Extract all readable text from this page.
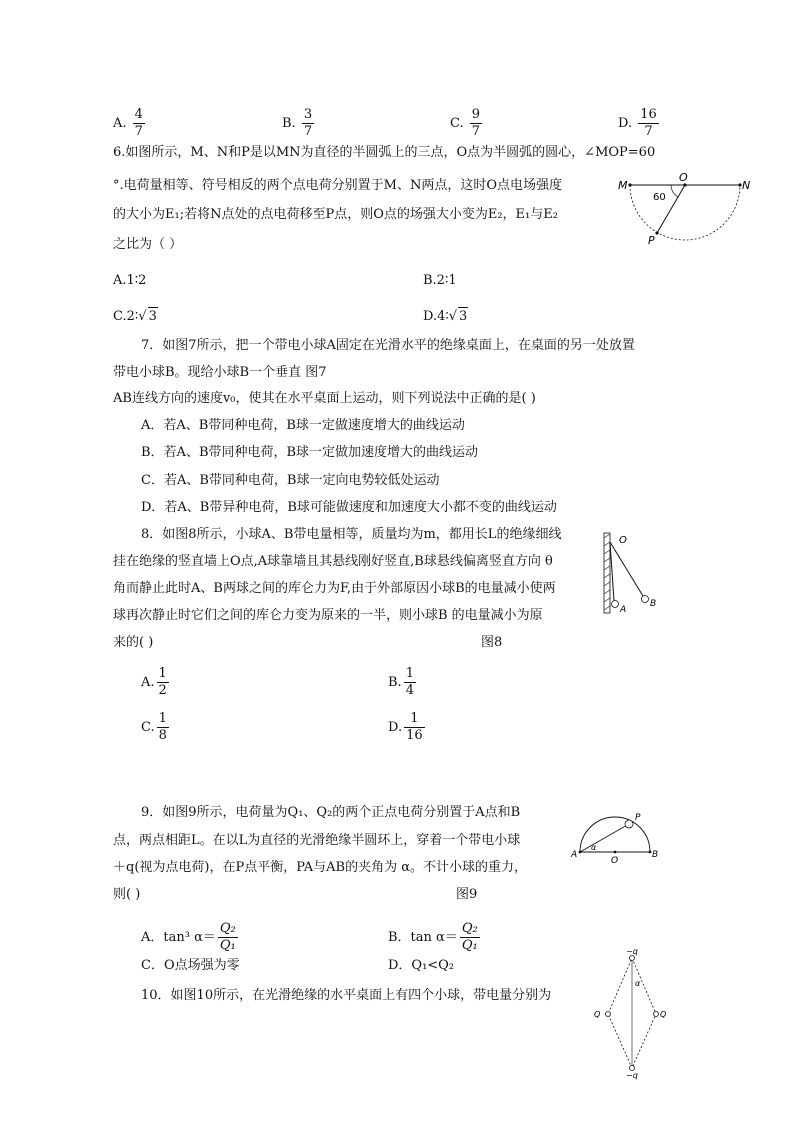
A. $\frac{4}{7}$	B. $\frac{3}{7}$	C. $\frac{9}{7}$	D. $\frac{16}{7}$
6.如图所示，M、N和P是以MN为直径的半圆弧上的三点，O点为半圆弧的圆心，∠MOP=60
°.电荷量相等、符号相反的两个点电荷分别置于M、N两点，这时O点电场强度
的大小为E₁;若将N点处的点电荷移至P点，则O点的场强大小变为E₂，E₁与E₂
之比为（ ）
A.1∶2	B.2∶1
C.2∶√ 3	D.4∶√ 3
M	N
O
P
60
7．如图7所示，把一个带电小球A固定在光滑水平的绝缘桌面上，在桌面的另一处放置
带电小球B。现给小球B一个垂直 图7
AB连线方向的速度v₀，使其在水平桌面上运动，则下列说法中正确的是( )
A．若A、B带同种电荷，B球一定做速度增大的曲线运动
B．若A、B带同种电荷，B球一定做加速度增大的曲线运动
C．若A、B带同种电荷，B球一定向电势较低处运动
D．若A、B带异种电荷，B球可能做速度和加速度大小都不变的曲线运动
8．如图8所示，小球A、B带电量相等，质量均为m，都用长L的绝缘细线
挂在绝缘的竖直墙上O点,A球靠墙且其悬线刚好竖直,B球悬线偏离竖直方向 θ
角而静止此时A、B两球之间的库仑力为F,由于外部原因小球B的电量减小使两
球再次静止时它们之间的库仑力变为原来的一半，则小球B 的电量减小为原
来的( )	图8
A. $\frac{1}{2}$	B. $\frac{1}{4}$
C. $\frac{1}{8}$	D. $\frac{1}{16}$
O
A
B
9．如图9所示，电荷量为Q₁、Q₂的两个正点电荷分别置于A点和B
点，两点相距L。在以L为直径的光滑绝缘半圆环上，穿着一个带电小球
＋q(视为点电荷)，在P点平衡，PA与AB的夹角为 α。不计小球的重力，
则( )	图9
A．tan³ $\alpha= \frac{\text{Q₂}}{\text{Q₁}}$	B．$\tan \alpha= \frac{\text{Q₂}}{\text{Q₁}}$
C．O点场强为零	D．Q₁<Q₂
A	B
O
P
α
10．如图10所示，在光滑绝缘的水平桌面上有四个小球，带电量分别为
−q
−q
Q	Q
α
